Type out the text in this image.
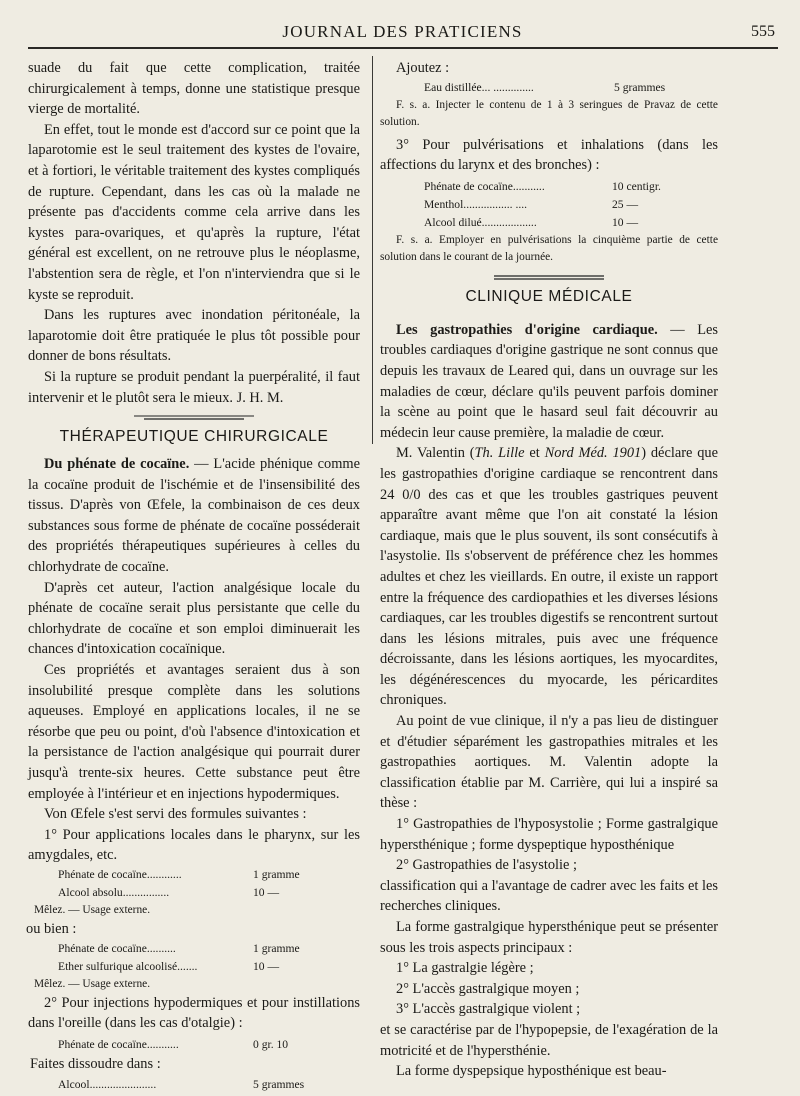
JOURNAL DES PRATICIENS	555

suade du fait que cette complication, traitée chirurgicalement à temps, donne une statistique presque vierge de mortalité.

En effet, tout le monde est d'accord sur ce point que la laparotomie est le seul traitement des kystes de l'ovaire, et à fortiori, le véritable traitement des kystes compliqués de rupture. Cependant, dans les cas où la malade ne présente pas d'accidents comme cela arrive dans les kystes para-ovariques, et qu'après la rupture, l'état général est excellent, on ne retrouve plus le néoplasme, l'abstention sera de règle, et l'on n'interviendra que si le kyste se reproduit.

Dans les ruptures avec inondation péritonéale, la laparotomie doit être pratiquée le plus tôt possible pour donner de bons résultats.

Si la rupture se produit pendant la puerpéralité, il faut intervenir et le plutôt sera le mieux. J. H. M.

THÉRAPEUTIQUE CHIRURGICALE

Du phénate de cocaïne. — L'acide phénique comme la cocaïne produit de l'ischémie et de l'insensibilité des tissus. D'après von Œfele, la combinaison de ces deux substances sous forme de phénate de cocaïne posséderait des propriétés thérapeutiques supérieures à celles du chlorhydrate de cocaïne.

D'après cet auteur, l'action analgésique locale du phénate de cocaïne serait plus persistante que celle du chlorhydrate de cocaïne et son emploi diminuerait les chances d'intoxication cocaïnique.

Ces propriétés et avantages seraient dus à son insolubilité presque complète dans les solutions aqueuses. Employé en applications locales, il ne se résorbe que peu ou point, d'où l'absence d'intoxication et la persistance de l'action analgésique qui pourrait durer jusqu'à trente-six heures. Cette substance peut être employée à l'intérieur et en injections hypodermiques.

Von Œfele s'est servi des formules suivantes :

1° Pour applications locales dans le pharynx, sur les amygdales, etc.

Phénate de cocaïne............	1 gramme
Alcool absolu................	10 —
Mêlez. — Usage externe.

ou bien :

Phénate de cocaïne..........	1 gramme
Ether sulfurique alcoolisé.......	10 —
Mêlez. — Usage externe.

2° Pour injections hypodermiques et pour instillations dans l'oreille (dans les cas d'otalgie) :

Phénate de cocaïne...........	0 gr. 10

Faites dissoudre dans :

Alcool.......................	5 grammes

Ajoutez :

Eau distillée... ..............	5 grammes
F. s. a. Injecter le contenu de 1 à 3 seringues de Pravaz de cette solution.

3° Pour pulvérisations et inhalations (dans les affections du larynx et des bronches) :

Phénate de cocaïne...........	10 centigr.
Menthol................. ....	25 —
Alcool dilué...................	10 —
F. s. a. Employer en pulvérisations la cinquième partie de cette solution dans le courant de la journée.
CLINIQUE MÉDICALE

Les gastropathies d'origine cardiaque. — Les troubles cardiaques d'origine gastrique ne sont connus que depuis les travaux de Leared qui, dans un ouvrage sur les maladies de cœur, déclare qu'ils peuvent parfois dominer la scène au point que le hasard seul fait découvrir au médecin leur cause première, la maladie de cœur.

M. Valentin (Th. Lille et Nord Méd. 1901) déclare que les gastropathies d'origine cardiaque se rencontrent dans 24 0/0 des cas et que les troubles gastriques peuvent apparaître avant même que l'on ait constaté la lésion cardiaque, mais que le plus souvent, ils sont consécutifs à l'asystolie. Ils s'observent de préférence chez les hommes adultes et chez les vieillards. En outre, il existe un rapport entre la fréquence des cardiopathies et les diverses lésions cardiaques, car les troubles digestifs se rencontrent surtout dans les lésions mitrales, puis avec une fréquence décroissante, dans les lésions aortiques, les myocardites, les dégénérescences du myocarde, les péricardites chroniques.

Au point de vue clinique, il n'y a pas lieu de distinguer et d'étudier séparément les gastropathies mitrales et les gastropathies aortiques. M. Valentin adopte la classification établie par M. Carrière, qui lui a inspiré sa thèse :

1° Gastropathies de l'hyposystolie ; Forme gastralgique hypersthénique ; forme dyspeptique hyposthénique

2° Gastropathies de l'asystolie ;

classification qui a l'avantage de cadrer avec les faits et les recherches cliniques.

La forme gastralgique hypersthénique peut se présenter sous les trois aspects principaux :

1° La gastralgie légère ;

2° L'accès gastralgique moyen ;

3° L'accès gastralgique violent ;

et se caractérise par de l'hypopepsie, de l'exagération de la motricité et de l'hypersthénie.

La forme dyspepsique hyposthénique est beau-
